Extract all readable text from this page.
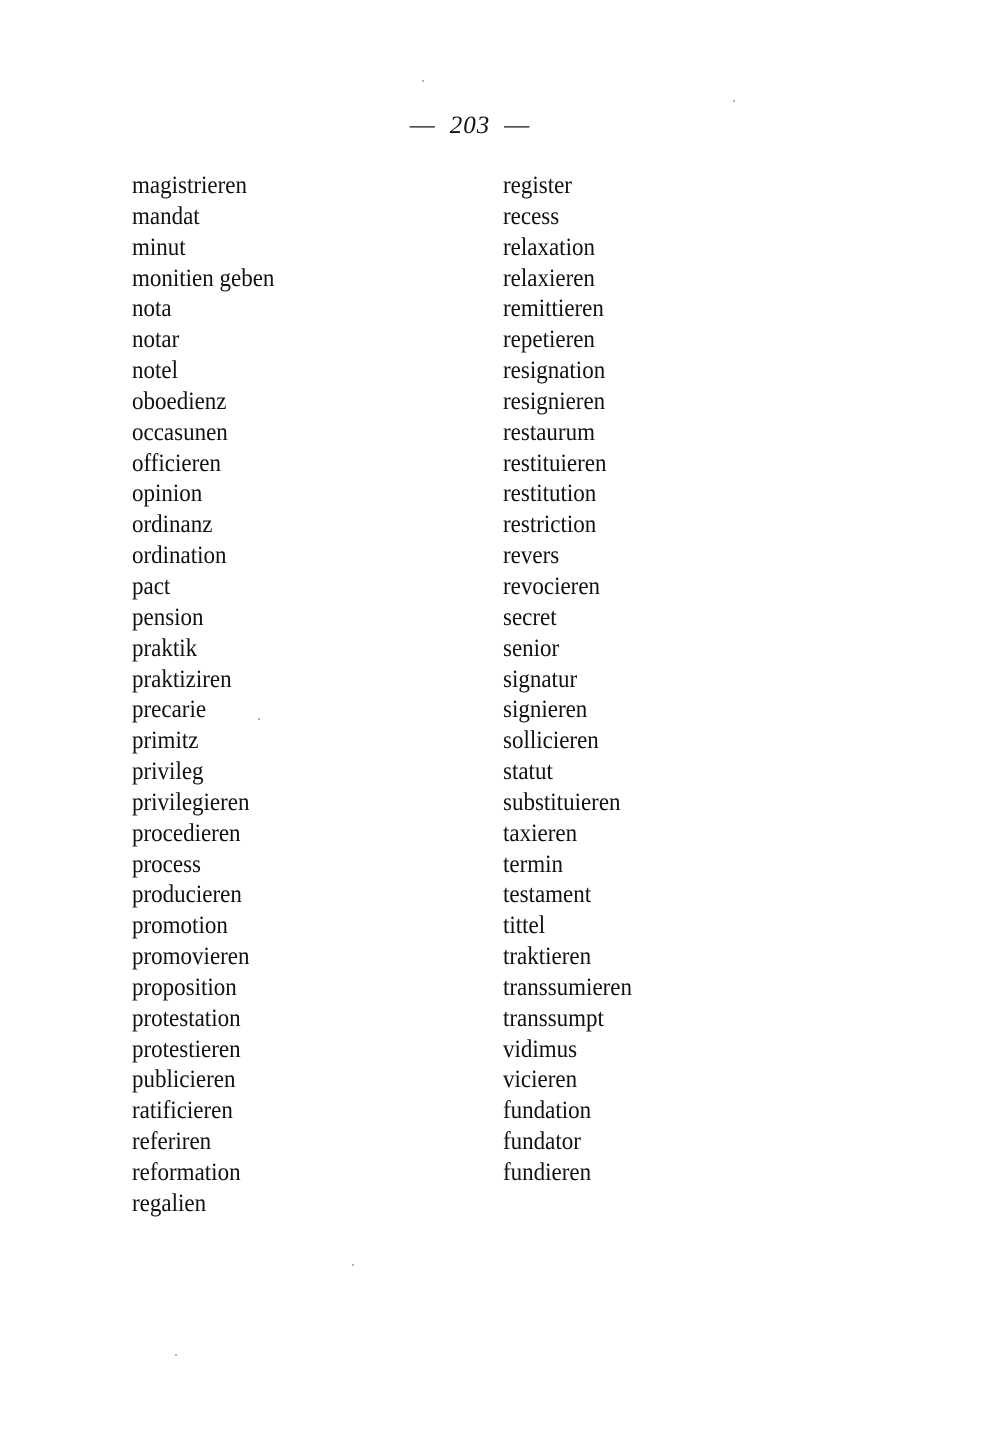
— 203 —
magistrieren
mandat
minut
monitien geben
nota
notar
notel
oboedienz
occasunen
officieren
opinion
ordinanz
ordination
pact
pension
praktik
praktiziren
precarie
primitz
privileg
privilegieren
procedieren
process
producieren
promotion
promovieren
proposition
protestation
protestieren
publicieren
ratificieren
referiren
reformation
regalien
register
recess
relaxation
relaxieren
remittieren
repetieren
resignation
resignieren
restaurum
restituieren
restitution
restriction
revers
revocieren
secret
senior
signatur
signieren
sollicieren
statut
substituieren
taxieren
termin
testament
tittel
traktieren
transsumieren
transsumpt
vidimus
vicieren
fundation
fundator
fundieren
